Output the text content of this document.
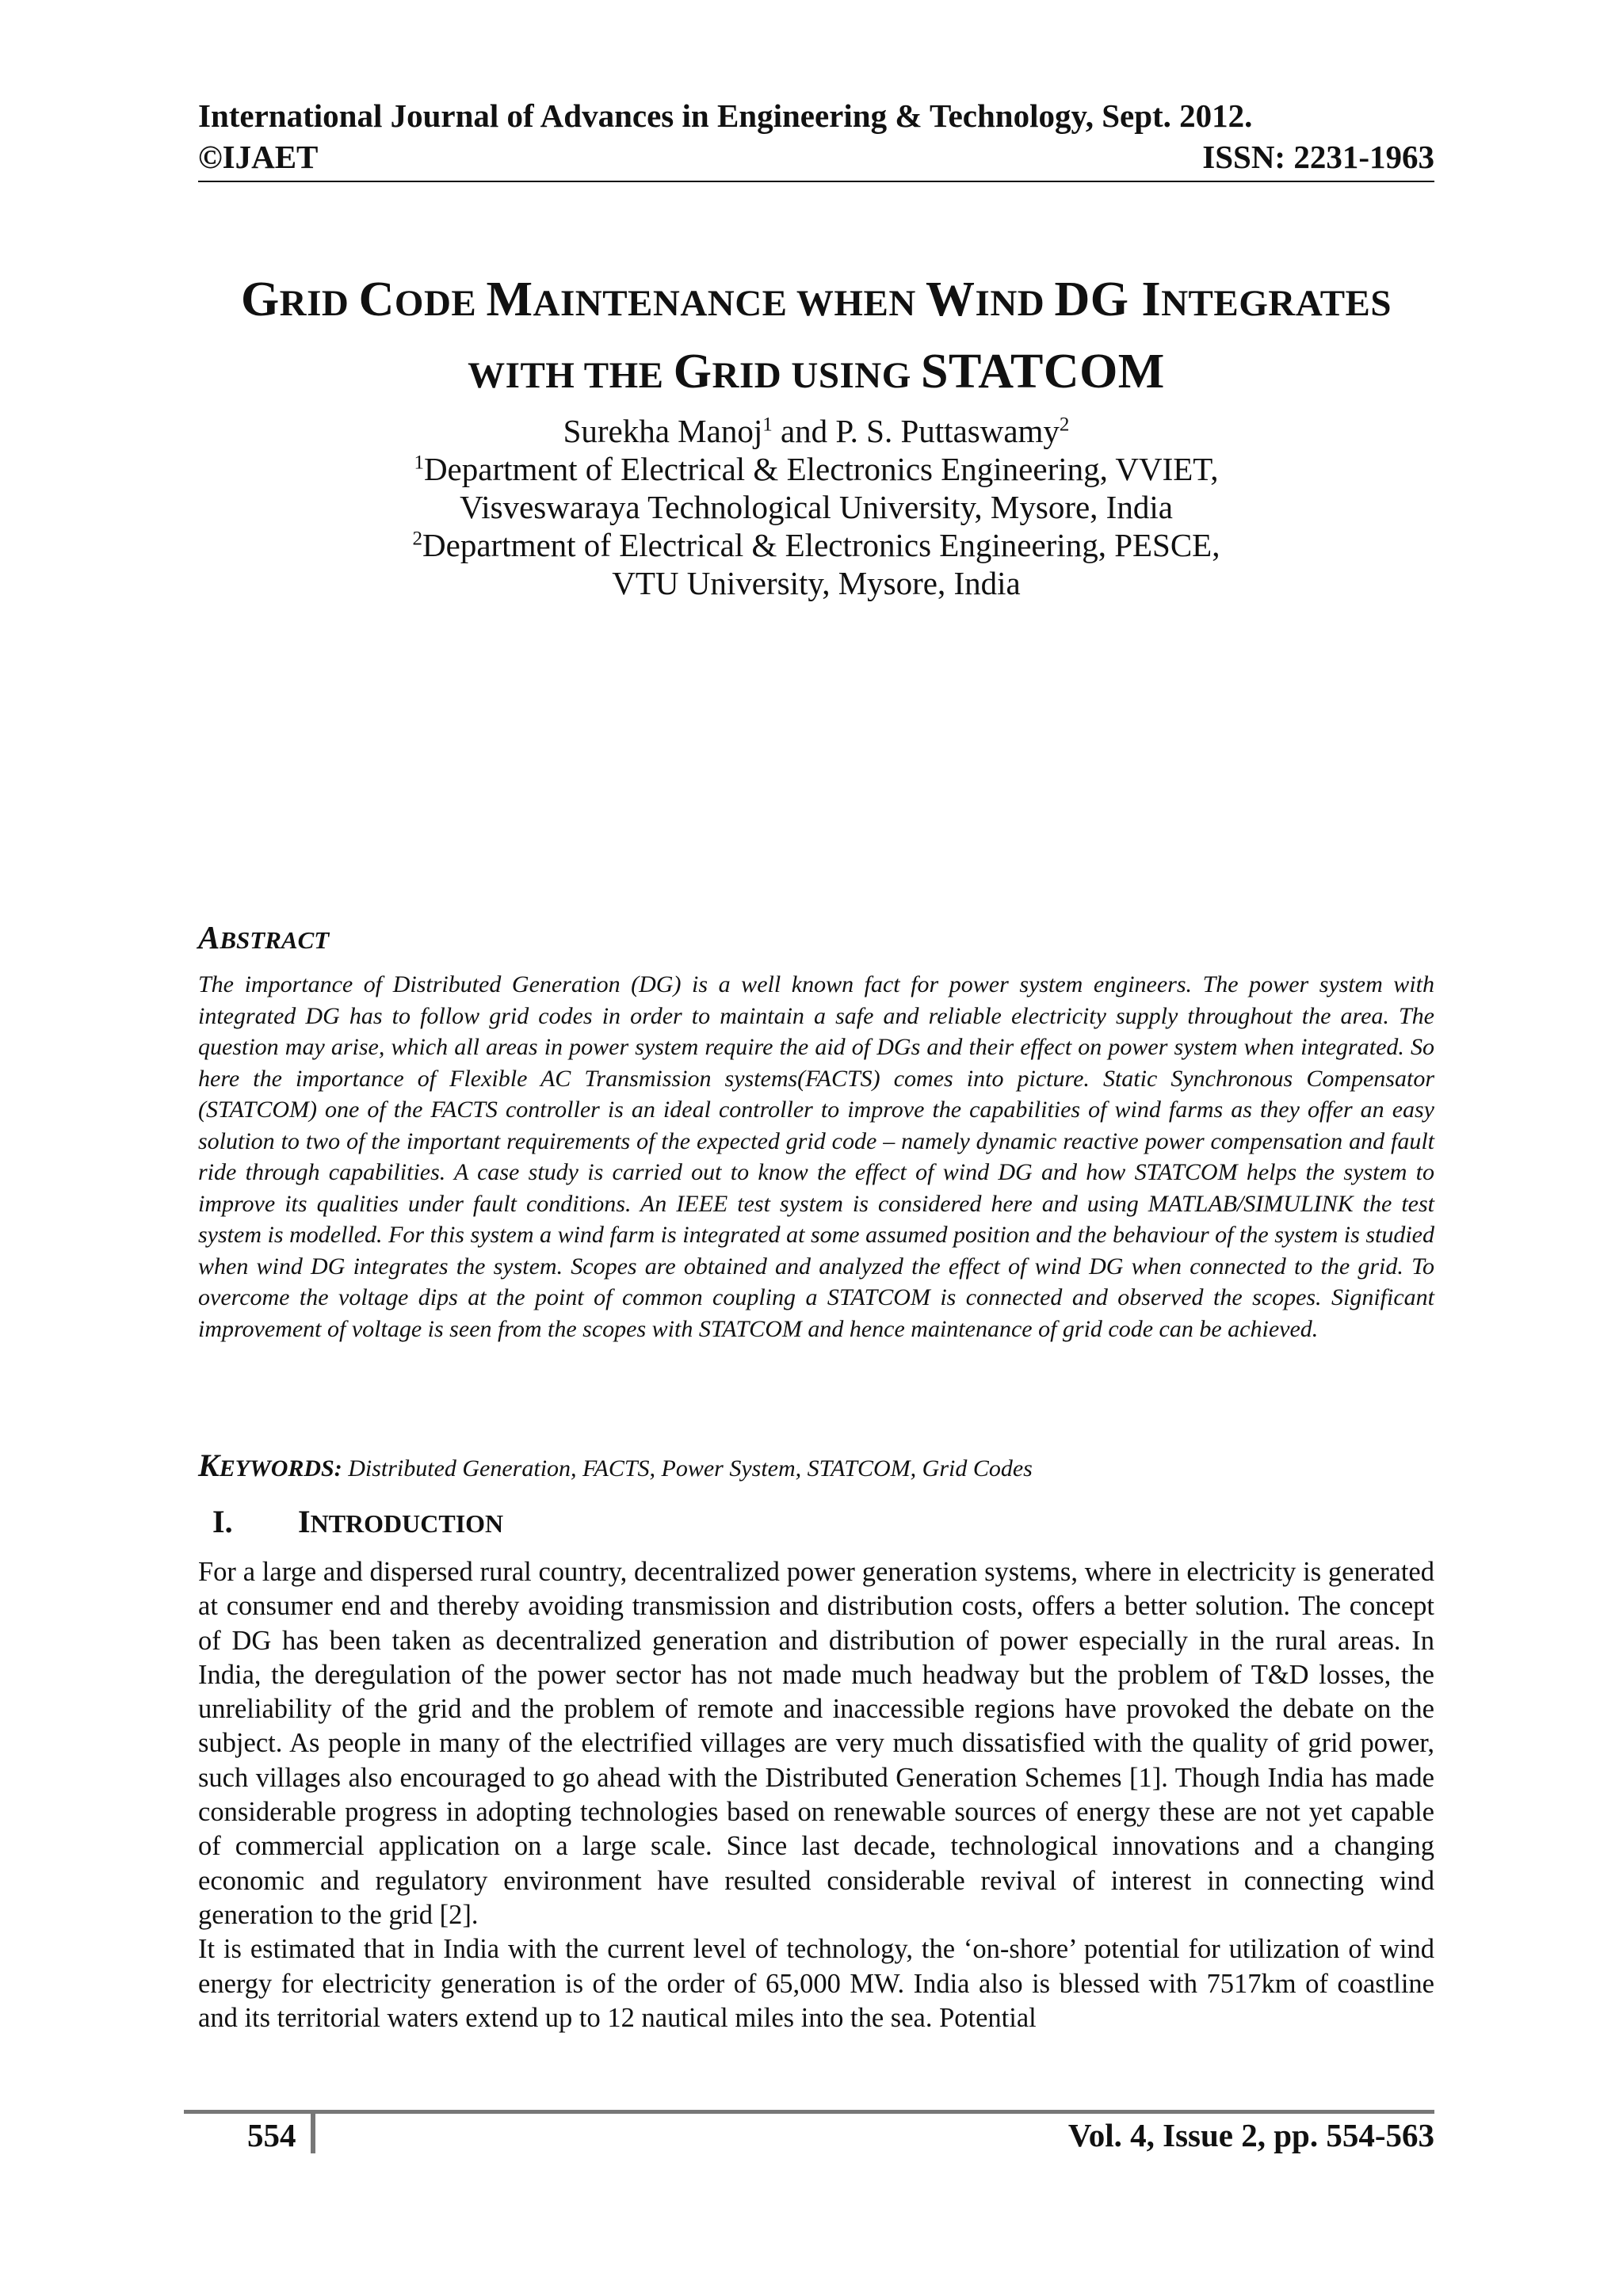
International Journal of Advances in Engineering & Technology, Sept. 2012.
©IJAET	ISSN: 2231-1963
GRID CODE MAINTENANCE WHEN WIND DG INTEGRATES
WITH THE GRID USING STATCOM
Surekha Manoj$^1$ and P. S. Puttaswamy$^2$
$^1$Department of Electrical & Electronics Engineering, VVIET,
Visveswaraya Technological University, Mysore, India
$^2$Department of Electrical & Electronics Engineering, PESCE,
VTU University, Mysore, India
ABSTRACT

The importance of Distributed Generation (DG) is a well known fact for power system engineers. The power system with integrated DG has to follow grid codes in order to maintain a safe and reliable electricity supply throughout the area. The question may arise, which all areas in power system require the aid of DGs and their effect on power system when integrated. So here the importance of Flexible AC Transmission systems(FACTS) comes into picture. Static Synchronous Compensator (STATCOM) one of the FACTS controller is an ideal controller to improve the capabilities of wind farms as they offer an easy solution to two of the important requirements of the expected grid code – namely dynamic reactive power compensation and fault ride through capabilities. A case study is carried out to know the effect of wind DG and how STATCOM helps the system to improve its qualities under fault conditions. An IEEE test system is considered here and using MATLAB/SIMULINK the test system is modelled. For this system a wind farm is integrated at some assumed position and the behaviour of the system is studied when wind DG integrates the system. Scopes are obtained and analyzed the effect of wind DG when connected to the grid. To overcome the voltage dips at the point of common coupling a STATCOM is connected and observed the scopes. Significant improvement of voltage is seen from the scopes with STATCOM and hence maintenance of grid code can be achieved.

KEYWORDS: Distributed Generation, FACTS, Power System, STATCOM, Grid Codes
I. INTRODUCTION

For a large and dispersed rural country, decentralized power generation systems, where in electricity is generated at consumer end and thereby avoiding transmission and distribution costs, offers a better solution. The concept of DG has been taken as decentralized generation and distribution of power especially in the rural areas. In India, the deregulation of the power sector has not made much headway but the problem of T&D losses, the unreliability of the grid and the problem of remote and inaccessible regions have provoked the debate on the subject. As people in many of the electrified villages are very much dissatisfied with the quality of grid power, such villages also encouraged to go ahead with the Distributed Generation Schemes [1]. Though India has made considerable progress in adopting technologies based on renewable sources of energy these are not yet capable of commercial application on a large scale. Since last decade, technological innovations and a changing economic and regulatory environment have resulted considerable revival of interest in connecting wind generation to the grid [2].

It is estimated that in India with the current level of technology, the ‘on-shore’ potential for utilization of wind energy for electricity generation is of the order of 65,000 MW. India also is blessed with 7517km of coastline and its territorial waters extend up to 12 nautical miles into the sea. Potential

554	Vol. 4, Issue 2, pp. 554-563
